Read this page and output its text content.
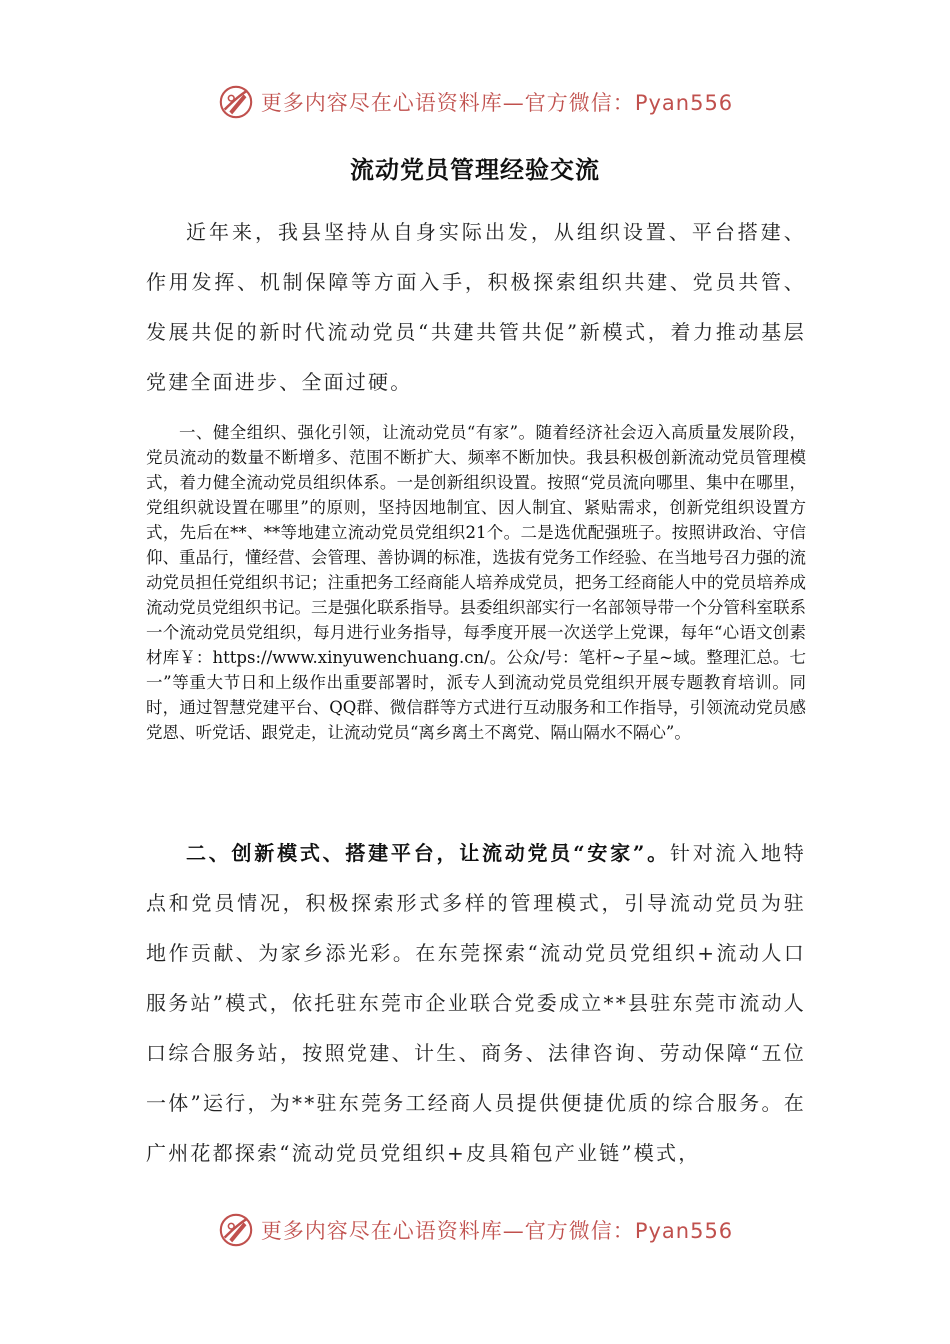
更多内容尽在心语资料库—官方微信：Pyan556
流动党员管理经验交流

近年来，我县坚持从自身实际出发，从组织设置、平台搭建、作用发挥、机制保障等方面入手，积极探索组织共建、党员共管、发展共促的新时代流动党员“共建共管共促”新模式，着力推动基层党建全面进步、全面过硬。

一、健全组织、强化引领，让流动党员“有家”。随着经济社会迈入高质量发展阶段，党员流动的数量不断增多、范围不断扩大、频率不断加快。我县积极创新流动党员管理模式，着力健全流动党员组织体系。一是创新组织设置。按照“党员流向哪里、集中在哪里，党组织就设置在哪里”的原则，坚持因地制宜、因人制宜、紧贴需求，创新党组织设置方式，先后在**、**等地建立流动党员党组织21个。二是选优配强班子。按照讲政治、守信仰、重品行，懂经营、会管理、善协调的标准，选拔有党务工作经验、在当地号召力强的流动党员担任党组织书记；注重把务工经商能人培养成党员，把务工经商能人中的党员培养成流动党员党组织书记。三是强化联系指导。县委组织部实行一名部领导带一个分管科室联系一个流动党员党组织，每月进行业务指导，每季度开展一次送学上党课，每年“心语文创素材库￥：https://www.xinyuwenchuang.cn/。公众/号：笔杆~子星~域。整理汇总。七一”等重大节日和上级作出重要部署时，派专人到流动党员党组织开展专题教育培训。同时，通过智慧党建平台、QQ群、微信群等方式进行互动服务和工作指导，引领流动党员感党恩、听党话、跟党走，让流动党员“离乡离土不离党、隔山隔水不隔心”。

二、创新模式、搭建平台，让流动党员“安家”。针对流入地特点和党员情况，积极探索形式多样的管理模式，引导流动党员为驻地作贡献、为家乡添光彩。在东莞探索“流动党员党组织+流动人口服务站”模式，依托驻东莞市企业联合党委成立**县驻东莞市流动人口综合服务站，按照党建、计生、商务、法律咨询、劳动保障“五位一体”运行，为**驻东莞务工经商人员提供便捷优质的综合服务。在广州花都探索“流动党员党组织+皮具箱包产业链”模式，

更多内容尽在心语资料库—官方微信：Pyan556
